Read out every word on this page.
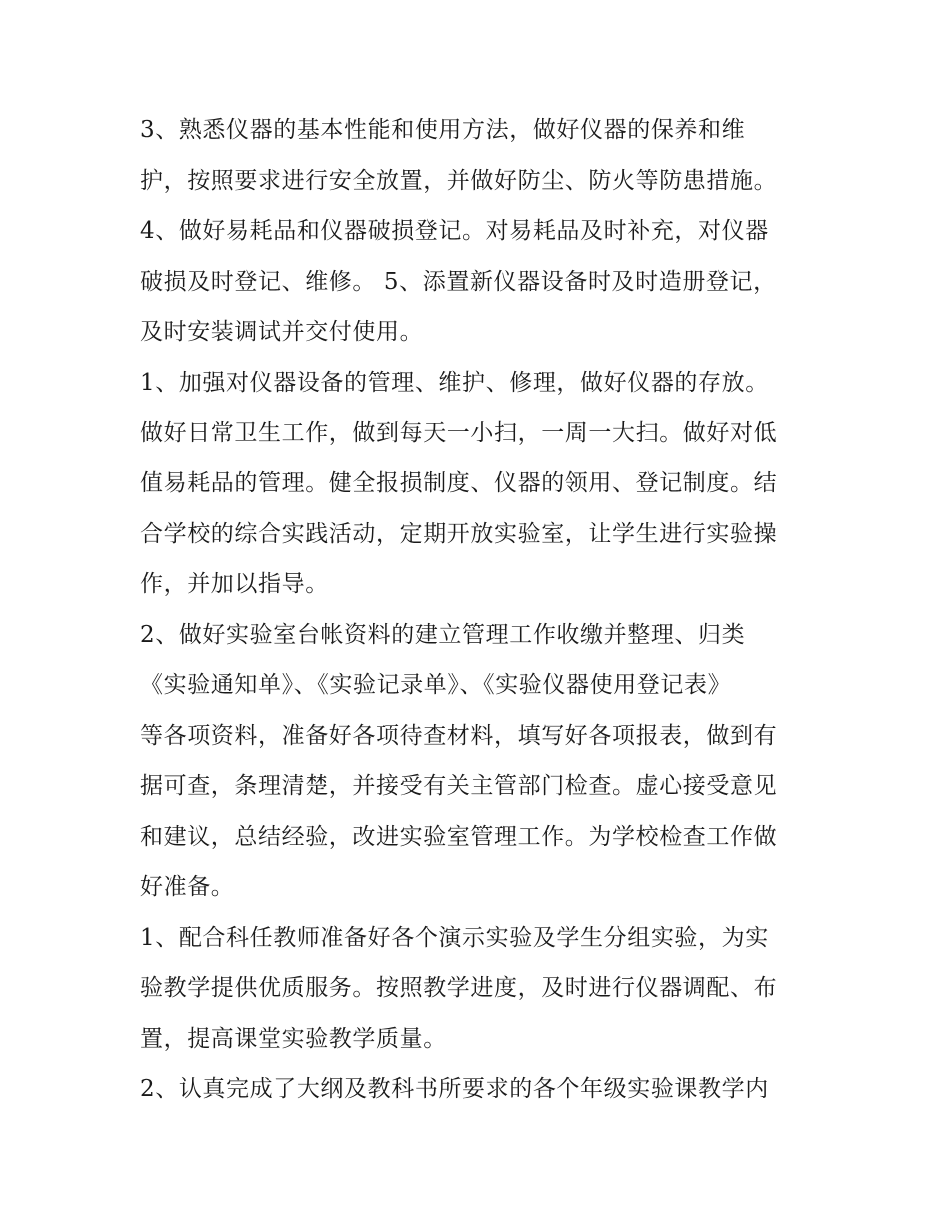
3、熟悉仪器的基本性能和使用方法，做好仪器的保养和维
护，按照要求进行安全放置，并做好防尘、防火等防患措施。
4、做好易耗品和仪器破损登记。对易耗品及时补充，对仪器
破损及时登记、维修。 5、添置新仪器设备时及时造册登记，
及时安装调试并交付使用。
1、加强对仪器设备的管理、维护、修理，做好仪器的存放。
做好日常卫生工作，做到每天一小扫，一周一大扫。做好对低
值易耗品的管理。健全报损制度、仪器的领用、登记制度。结
合学校的综合实践活动，定期开放实验室，让学生进行实验操
作，并加以指导。
2、做好实验室台帐资料的建立管理工作收缴并整理、归类
《实验通知单》、《实验记录单》、《实验仪器使用登记表》
等各项资料，准备好各项待查材料，填写好各项报表，做到有
据可查，条理清楚，并接受有关主管部门检查。虚心接受意见
和建议，总结经验，改进实验室管理工作。为学校检查工作做
好准备。
1、配合科任教师准备好各个演示实验及学生分组实验，为实
验教学提供优质服务。按照教学进度，及时进行仪器调配、布
置，提高课堂实验教学质量。
2、认真完成了大纲及教科书所要求的各个年级实验课教学内
